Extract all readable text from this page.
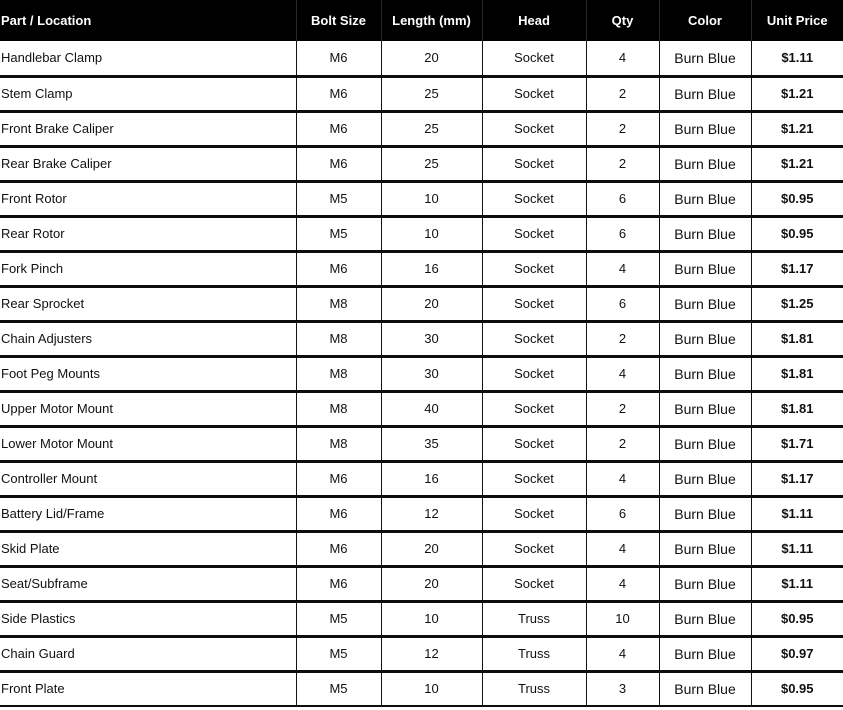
Part / Location	Bolt Size	Length (mm)	Head	Qty	Color	Unit Price
Handlebar Clamp	M6	20	Socket	4	Burn Blue	$1.11
Stem Clamp	M6	25	Socket	2	Burn Blue	$1.21
Front Brake Caliper	M6	25	Socket	2	Burn Blue	$1.21
Rear Brake Caliper	M6	25	Socket	2	Burn Blue	$1.21
Front Rotor	M5	10	Socket	6	Burn Blue	$0.95
Rear Rotor	M5	10	Socket	6	Burn Blue	$0.95
Fork Pinch	M6	16	Socket	4	Burn Blue	$1.17
Rear Sprocket	M8	20	Socket	6	Burn Blue	$1.25
Chain Adjusters	M8	30	Socket	2	Burn Blue	$1.81
Foot Peg Mounts	M8	30	Socket	4	Burn Blue	$1.81
Upper Motor Mount	M8	40	Socket	2	Burn Blue	$1.81
Lower Motor Mount	M8	35	Socket	2	Burn Blue	$1.71
Controller Mount	M6	16	Socket	4	Burn Blue	$1.17
Battery Lid/Frame	M6	12	Socket	6	Burn Blue	$1.11
Skid Plate	M6	20	Socket	4	Burn Blue	$1.11
Seat/Subframe	M6	20	Socket	4	Burn Blue	$1.11
Side Plastics	M5	10	Truss	10	Burn Blue	$0.95
Chain Guard	M5	12	Truss	4	Burn Blue	$0.97
Front Plate	M5	10	Truss	3	Burn Blue	$0.95
